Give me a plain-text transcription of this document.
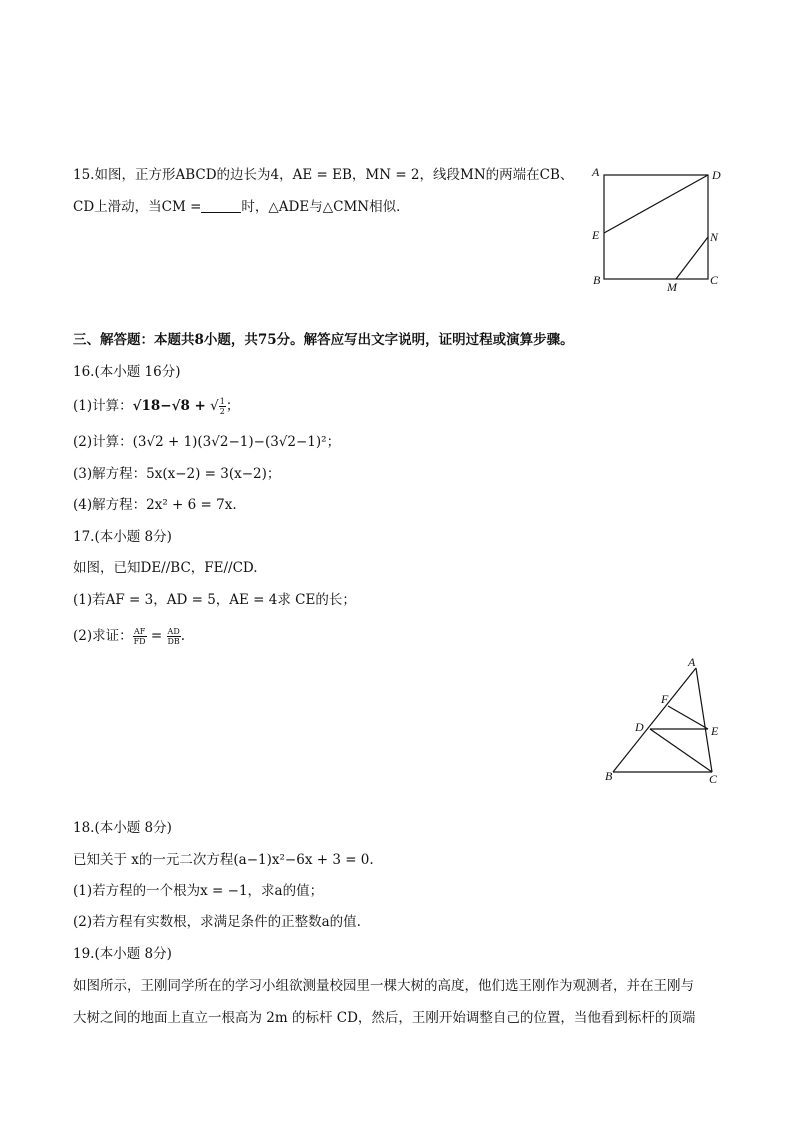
15.如图，正方形ABCD的边长为4，AE = EB，MN = 2，线段MN的两端在CB、
CD上滑动，当CM =	时，△ADE与△CMN相似．
A	D
E	N
B	C
M
三、解答题：本题共8小题，共75分。解答应写出文字说明，证明过程或演算步骤。
16.(本小题 16分)
(1)计算：√18−√8 + √ $\frac{1}{2}$ ；
(2)计算：(3√2 + 1)(3√2−1)−(3√2−1)²；
(3)解方程：5x(x−2) = 3(x−2)；
(4)解方程：2x² + 6 = 7x.
17.(本小题 8分)
如图，已知DE//BC，FE//CD.
(1)若AF = 3，AD = 5，AE = 4求 CE的长；
(2)求证： $\frac{AF}{FD} = \frac{AD}{DB}$ .
A
F
D	E
B	C
18.(本小题 8分)
已知关于 x的一元二次方程(a−1)x²−6x + 3 = 0.
(1)若方程的一个根为x = −1，求a的值；
(2)若方程有实数根，求满足条件的正整数a的值.
19.(本小题 8分)
如图所示，王刚同学所在的学习小组欲测量校园里一棵大树的高度，他们选王刚作为观测者，并在王刚与
大树之间的地面上直立一根高为 2m 的标杆 CD，然后，王刚开始调整自己的位置，当他看到标杆的顶端
